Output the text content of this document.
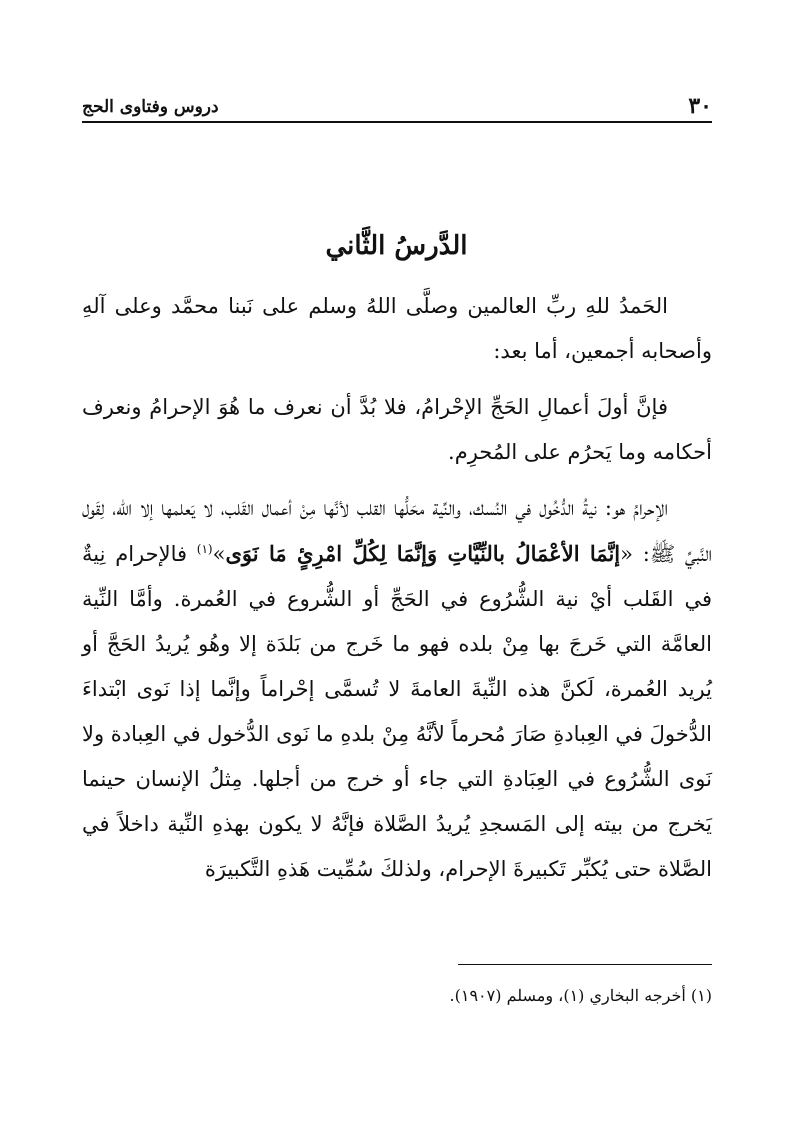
٣٠
دروس وفتاوى الحج
الدَّرسُ الثَّاني

الحَمدُ للهِ ربِّ العالمين وصلَّى اللهُ وسلم على نَبنا محمَّد وعلى آلهِ وأصحابه أجمعين، أما بعد:

فإنَّ أولَ أعمالِ الحَجِّ الإحْرامُ، فلا بُدَّ أن نعرف ما هُوَ الإحرامُ ونعرف أحكامه وما يَحرُم على المُحرِم.

الإحرامُ هو: نيةُ الدُّخُول في النُسك، والنِّية محَلُّها القلب لأنَّها مِنْ أعمال القَلب، لا يَعلمها إلا الله، لِقَول النَّبيِّ ﷺ: «إنَّمَا الأعْمَالُ بالنِّيَّاتِ وَإنَّمَا لِكُلِّ امْرِئٍ مَا نَوَى»$^{(١)}$ فالإحرام نِيةٌ في القَلب أيْ نية الشُّرُوع في الحَجِّ أو الشُّروع في العُمرة. وأمَّا النِّية العامَّة التي خَرجَ بها مِنْ بلده فهو ما خَرج من بَلدَة إلا وهُو يُريدُ الحَجَّ أو يُريد العُمرة، لَكنَّ هذه النِّيةَ العامةَ لا تُسمَّى إحْراماً وإنَّما إذا نَوى ابْتداءَ الدُّخولَ في العِبادةِ صَارَ مُحرماً لأنَّهُ مِنْ بلدهِ ما نَوى الدُّخول في العِبادة ولا نَوى الشُّرُوع في العِبَادةِ التي جاء أو خرج من أجلها. مِثلُ الإنسان حينما يَخرج من بيته إلى المَسجدِ يُريدُ الصَّلاة فإنَّهُ لا يكون بهذهِ النِّية داخلاً في الصَّلاة حتى يُكبِّر تَكبيرةَ الإحرام، ولذلكَ سُمِّيت هَذهِ التَّكبيرَة

(١) أخرجه البخاري (١)، ومسلم (١٩٠٧).
